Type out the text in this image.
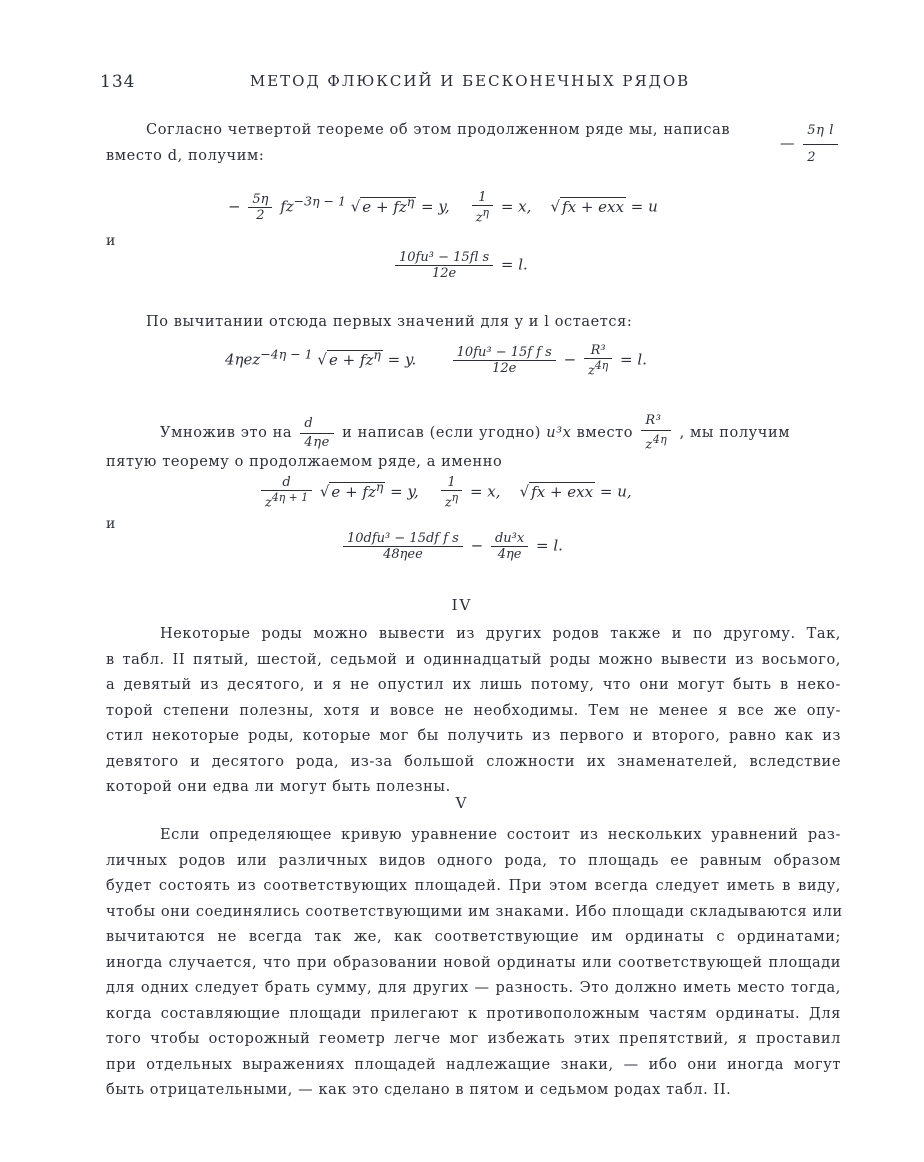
134	МЕТОД ФЛЮКСИЙ И БЕСКОНЕЧНЫХ РЯДОВ
Согласно четвертой теореме об этом продолженном ряде мы, написав
— $\frac{\text{5η l}}{2}$
вместо d, получим:
− $\frac{5\eta}{2} fz^{-3\eta - 1}$ √ $e + fz^\eta = y$, $\frac{1}{z^\eta} = x$,    √ fx + exx = u
и
$\frac{\text{10fu³ − 15fl s}}{12e} = l$.
По вычитании отсюда первых значений для y и l остается:
4ηez$^{-4\eta - 1}$ √ $e + fz^\eta = y$.	$\frac{\text{10fu³ − 15f f s}}{12e} - \frac{\text{R³}}{z^{4\eta}} = l$.
Умножив это на $\frac{d}{4\eta e}$ и написав (если угодно) u³x вместо $\frac{\text{R³}}{z^{4\eta}}$ , мы получим
пятую теорему о продолжаемом ряде, а именно
$\frac{d}{z^{4\eta + 1}}$ √ $e + fz^\eta = y$, $\frac{1}{z^\eta} = x$,    √ fx + exx = u,
и
$\frac{\text{10dfu³ − 15df f s}}{\text{48ηee}} - \frac{\text{du³x}}{4\eta e} = l$.
IV
Некоторые роды можно вывести из других родов также и по другому. Так,
в табл. II пятый, шестой, седьмой и одиннадцатый роды можно вывести из восьмого,
а девятый из десятого, и я не опустил их лишь потому, что они могут быть в неко-
торой степени полезны, хотя и вовсе не необходимы. Тем не менее я все же опу-
стил некоторые роды, которые мог бы получить из первого и второго, равно как из
девятого и десятого рода, из-за большой сложности их знаменателей, вследствие
которой они едва ли могут быть полезны.
V
Если определяющее кривую уравнение состоит из нескольких уравнений раз-
личных родов или различных видов одного рода, то площадь ее равным образом
будет состоять из соответствующих площадей. При этом всегда следует иметь в виду,
чтобы они соединялись соответствующими им знаками. Ибо площади складываются или
вычитаются не всегда так же, как соответствующие им ординаты с ординатами;
иногда случается, что при образовании новой ординаты или соответствующей площади
для одних следует брать сумму, для других — разность. Это должно иметь место тогда,
когда составляющие площади прилегают к противоположным частям ординаты. Для
того чтобы осторожный геометр легче мог избежать этих препятствий, я проставил
при отдельных выражениях площадей надлежащие знаки, — ибо они иногда могут
быть отрицательными, — как это сделано в пятом и седьмом родах табл. II.
